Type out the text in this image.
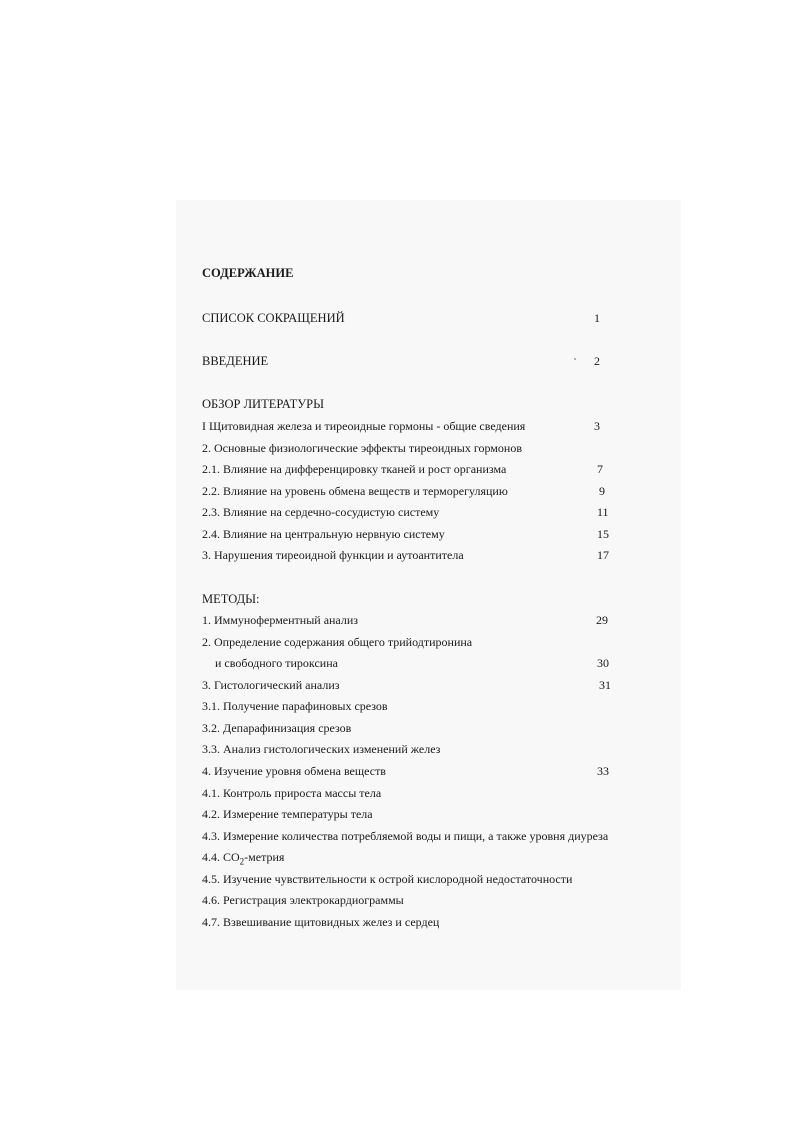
СОДЕРЖАНИЕ
СПИСОК СОКРАЩЕНИЙ	1
ВВЕДЕНИЕ	2
ОБЗОР ЛИТЕРАТУРЫ
I Щитовидная железа и тиреоидные гормоны - общие сведения	3
2. Основные физиологические эффекты тиреоидных гормонов
2.1. Влияние на дифференцировку тканей и рост организма	7
2.2. Влияние на уровень обмена веществ и терморегуляцию	9
2.3. Влияние на сердечно-сосудистую систему	11
2.4. Влияние на центральную нервную систему	15
3. Нарушения тиреоидной функции и аутоантитела	17
МЕТОДЫ:
1. Иммуноферментный анализ	29
2. Определение содержания общего трийодтиронина
и свободного тироксина	30
3. Гистологический анализ	31
3.1. Получение парафиновых срезов
3.2. Депарафинизация срезов
3.3. Анализ гистологических изменений желез
4. Изучение уровня обмена веществ	33
4.1. Контроль прироста массы тела
4.2. Измерение температуры тела
4.3. Измерение количества потребляемой воды и пищи, а также уровня диуреза
4.4. $CO_2$-метрия
4.5. Изучение чувствительности к острой кислородной недостаточности
4.6. Регистрация электрокардиограммы
4.7. Взвешивание щитовидных желез и сердец
